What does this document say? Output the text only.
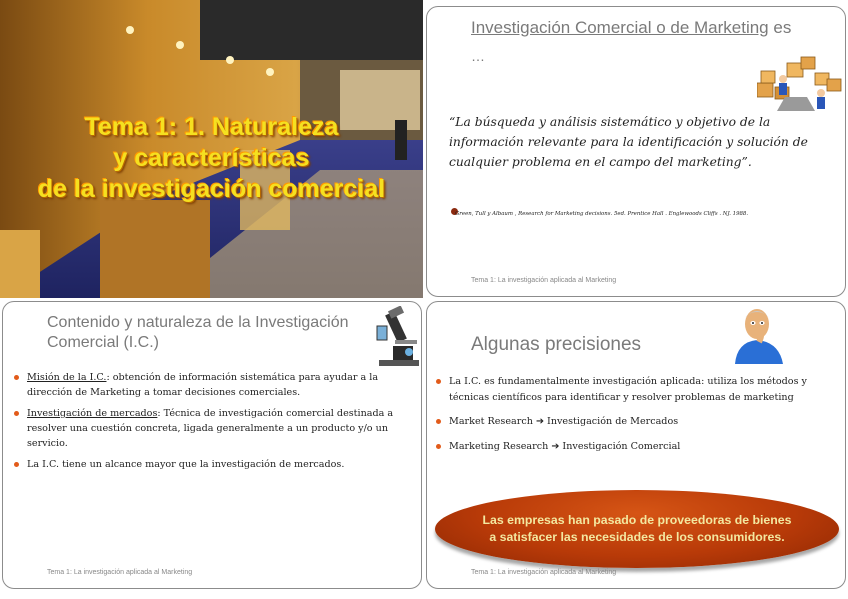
Tema 1: 1. Naturaleza
y características
de la investigación comercial
Investigación Comercial o de Marketing es
…
“La búsqueda y análisis sistemático y objetivo de la información relevante para la identificación y solución de cualquier problema en el campo del marketing”.
Green, Tull y Albaum , Research for Marketing decisions. 5ed. Prentice Hall . Englewoods Cliffs . NJ. 1988.
Tema 1: La investigación aplicada al Marketing
Contenido y naturaleza de la Investigación Comercial (I.C.)
Misión de la I.C.: obtención de información sistemática para ayudar a la dirección de Marketing a tomar decisiones comerciales.
Investigación de mercados: Técnica de investigación comercial destinada a resolver una cuestión concreta, ligada generalmente a un producto y/o un servicio.
La I.C. tiene un alcance mayor que la investigación de mercados.
Tema 1: La investigación aplicada al Marketing
Algunas precisiones
La I.C. es fundamentalmente investigación aplicada: utiliza los métodos y técnicas científicos para identificar y resolver problemas de marketing
Market Research ➔ Investigación de Mercados
Marketing Research ➔ Investigación Comercial
Las empresas han pasado de proveedoras de bienes
a satisfacer las necesidades de los consumidores.
Tema 1: La investigación aplicada al Marketing
